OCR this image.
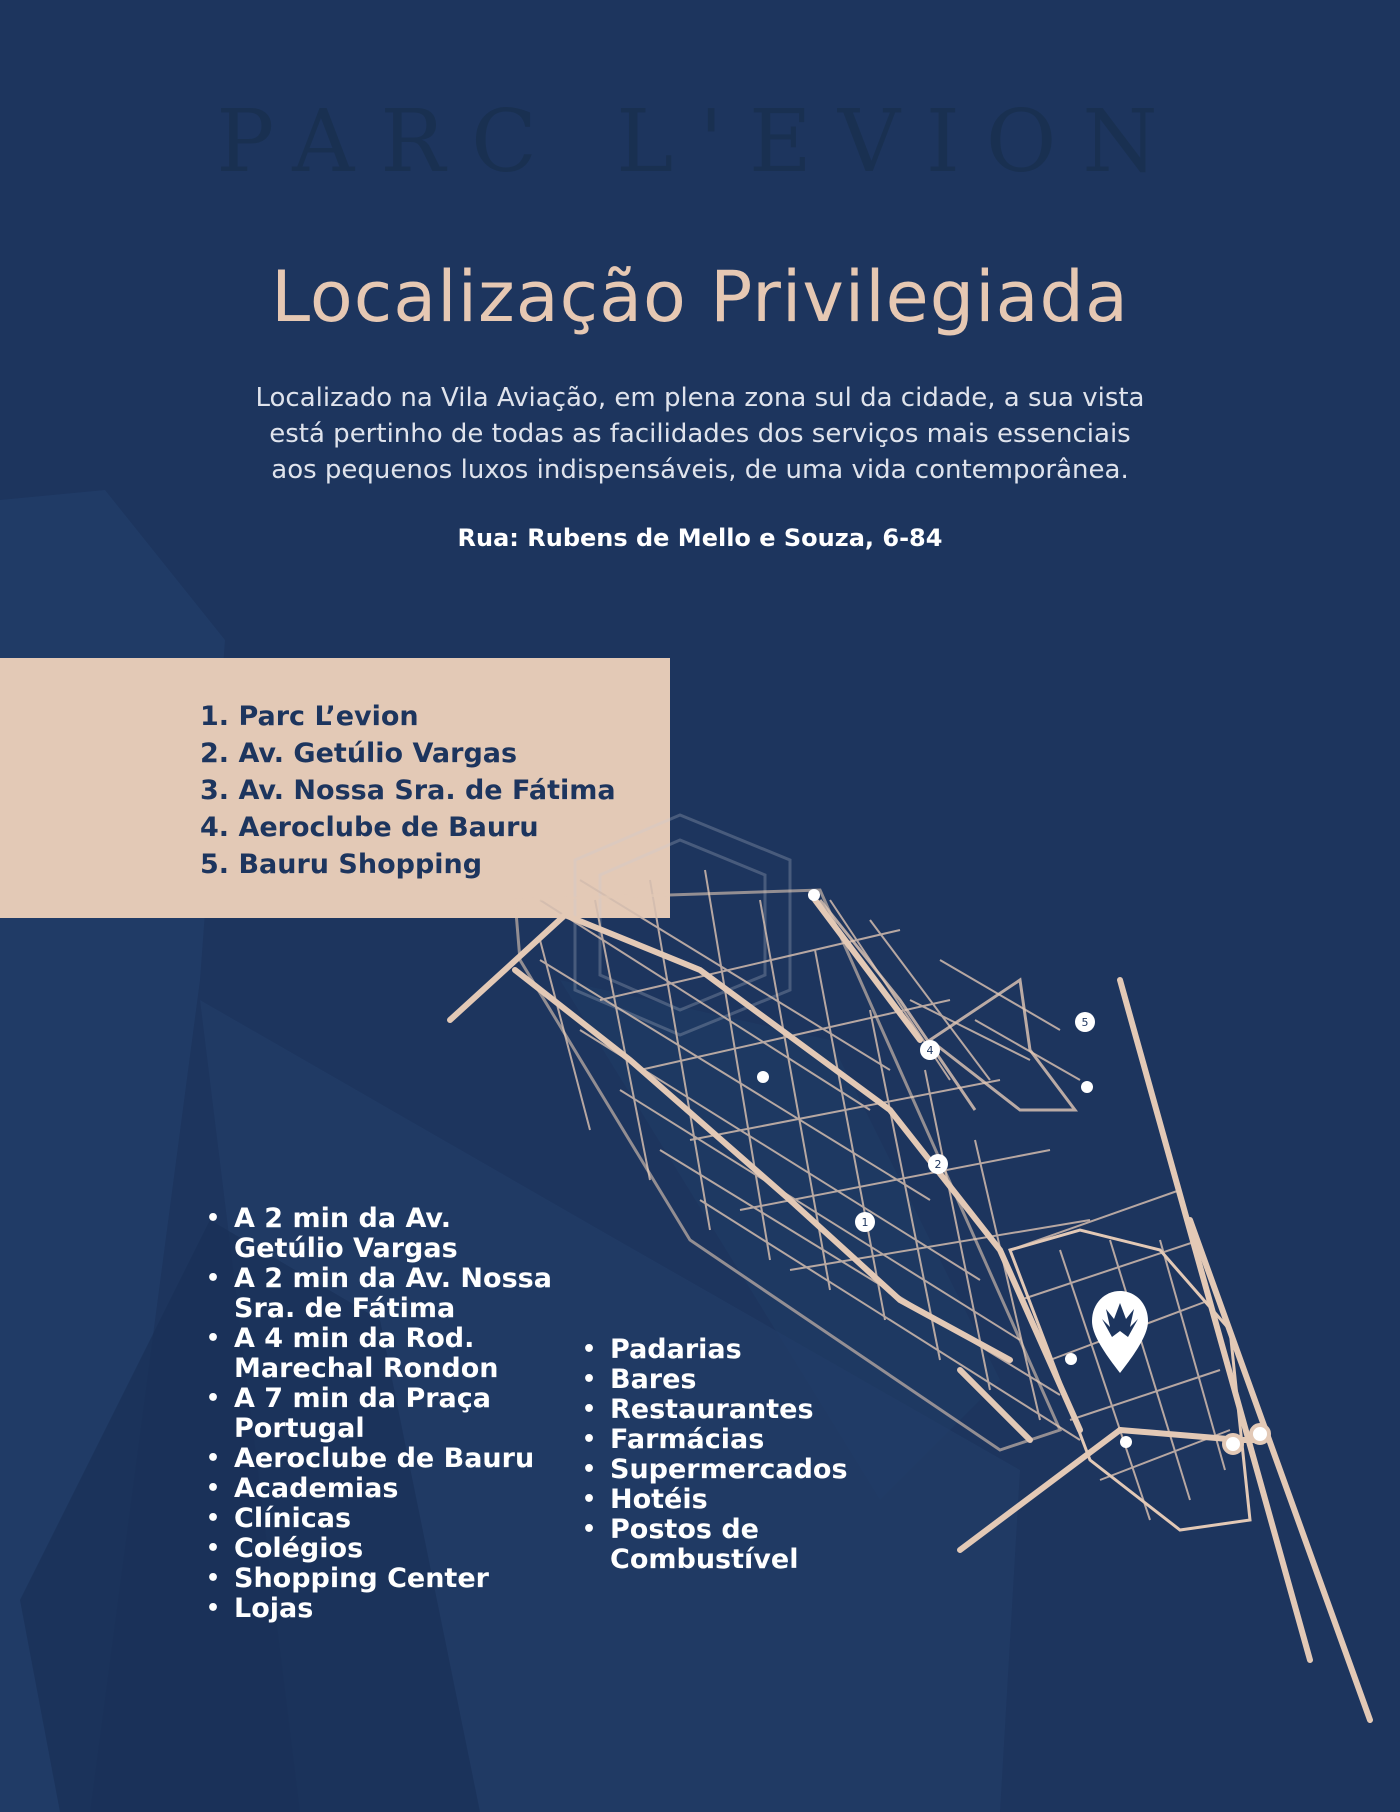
PARC L'EVION
Localização Privilegiada

Localizado na Vila Aviação, em plena zona sul da cidade, a sua vista está pertinho de todas as facilidades dos serviços mais essenciais aos pequenos luxos indispensáveis, de uma vida contemporânea.

Rua: Rubens de Mello e Souza, 6-84
1. Parc L’evion
2. Av. Getúlio Vargas
3. Av. Nossa Sra. de Fátima
4. Aeroclube de Bauru
5. Bauru Shopping
4
5
2
1
• A 2 min da Av. Getúlio Vargas
• A 2 min da Av. Nossa Sra. de Fátima
• A 4 min da Rod. Marechal Rondon
• A 7 min da Praça Portugal
• Aeroclube de Bauru
• Academias
• Clínicas
• Colégios
• Shopping Center
• Lojas
• Padarias
• Bares
• Restaurantes
• Farmácias
• Supermercados
• Hotéis
• Postos de Combustível
